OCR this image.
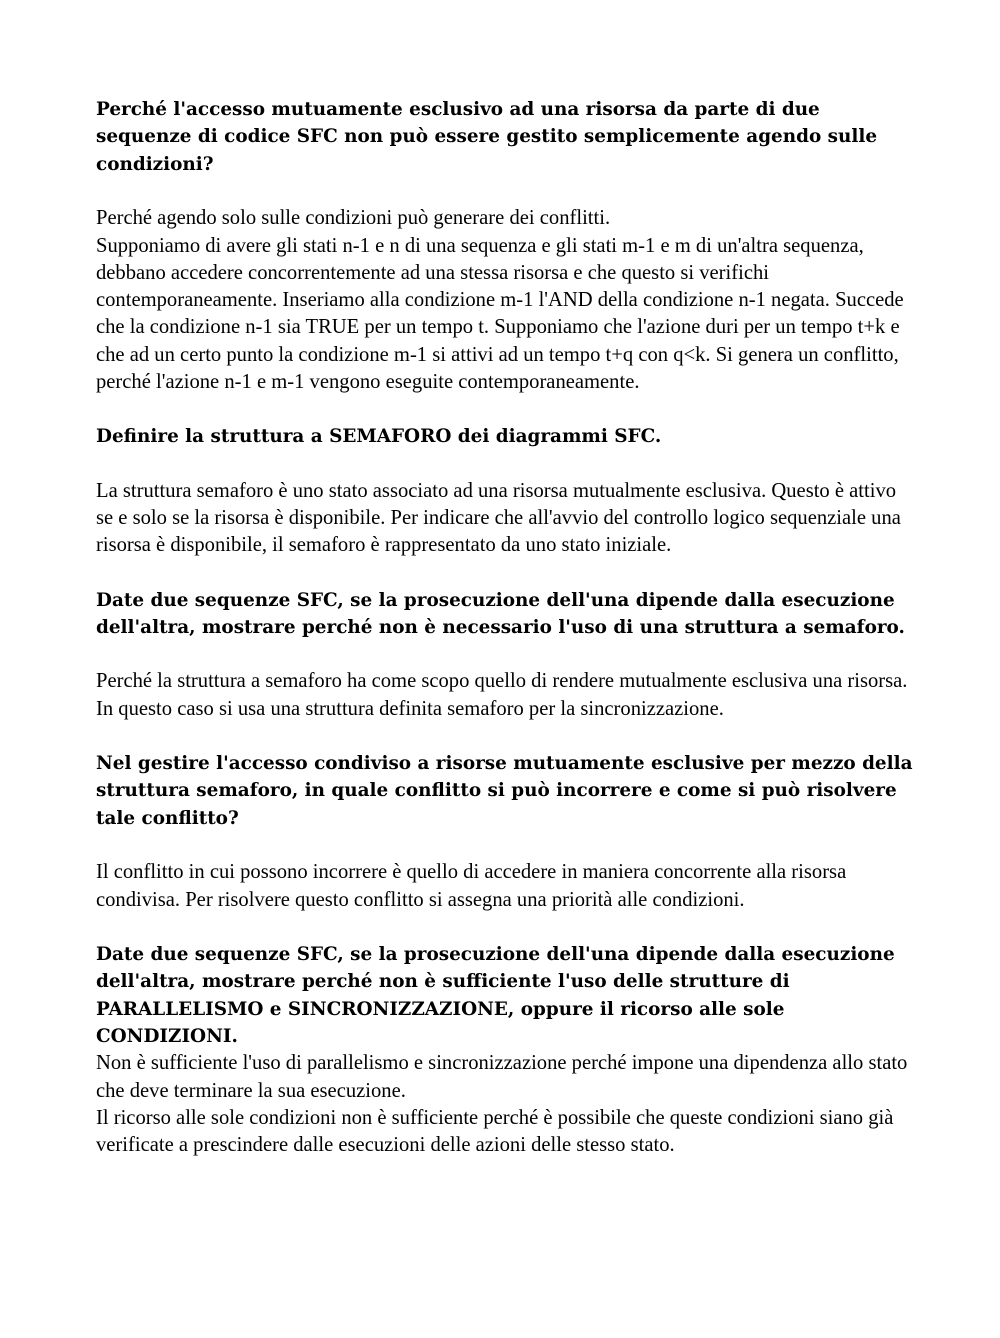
Perché l'accesso mutuamente esclusivo ad una risorsa da parte di due sequenze di codice SFC non può essere gestito semplicemente agendo sulle condizioni?

Perché agendo solo sulle condizioni può generare dei conflitti.
Supponiamo di avere gli stati n-1 e n di una sequenza e gli stati m-1 e m di un'altra sequenza, debbano accedere concorrentemente ad una stessa risorsa e che questo si verifichi contemporaneamente. Inseriamo alla condizione m-1 l'AND della condizione n-1 negata. Succede che la condizione n-1 sia TRUE per un tempo t. Supponiamo che l'azione duri per un tempo t+k e che ad un certo punto la condizione m-1 si attivi ad un tempo t+q con q<k. Si genera un conflitto, perché l'azione n-1 e m-1 vengono eseguite contemporaneamente.

Definire la struttura a SEMAFORO dei diagrammi SFC.

La struttura semaforo è uno stato associato ad una risorsa mutualmente esclusiva. Questo è attivo se e solo se la risorsa è disponibile. Per indicare che all'avvio del controllo logico sequenziale una risorsa è disponibile, il semaforo è rappresentato da uno stato iniziale.

Date due sequenze SFC, se la prosecuzione dell'una dipende dalla esecuzione dell'altra, mostrare perché non è necessario l'uso di una struttura a semaforo.

Perché la struttura a semaforo ha come scopo quello di rendere mutualmente esclusiva una risorsa. In questo caso si usa una struttura definita semaforo per la sincronizzazione.

Nel gestire l'accesso condiviso a risorse mutuamente esclusive per mezzo della struttura semaforo, in quale conflitto si può incorrere e come si può risolvere tale conflitto?

Il conflitto in cui possono incorrere è quello di accedere in maniera concorrente alla risorsa condivisa. Per risolvere questo conflitto si assegna una priorità alle condizioni.

Date due sequenze SFC, se la prosecuzione dell'una dipende dalla esecuzione dell'altra, mostrare perché non è sufficiente l'uso delle strutture di PARALLELISMO e SINCRONIZZAZIONE, oppure il ricorso alle sole CONDIZIONI.

Non è sufficiente l'uso di parallelismo e sincronizzazione perché impone una dipendenza allo stato che deve terminare la sua esecuzione.
Il ricorso alle sole condizioni non è sufficiente perché è possibile che queste condizioni siano già verificate a prescindere dalle esecuzioni delle azioni delle stesso stato.
